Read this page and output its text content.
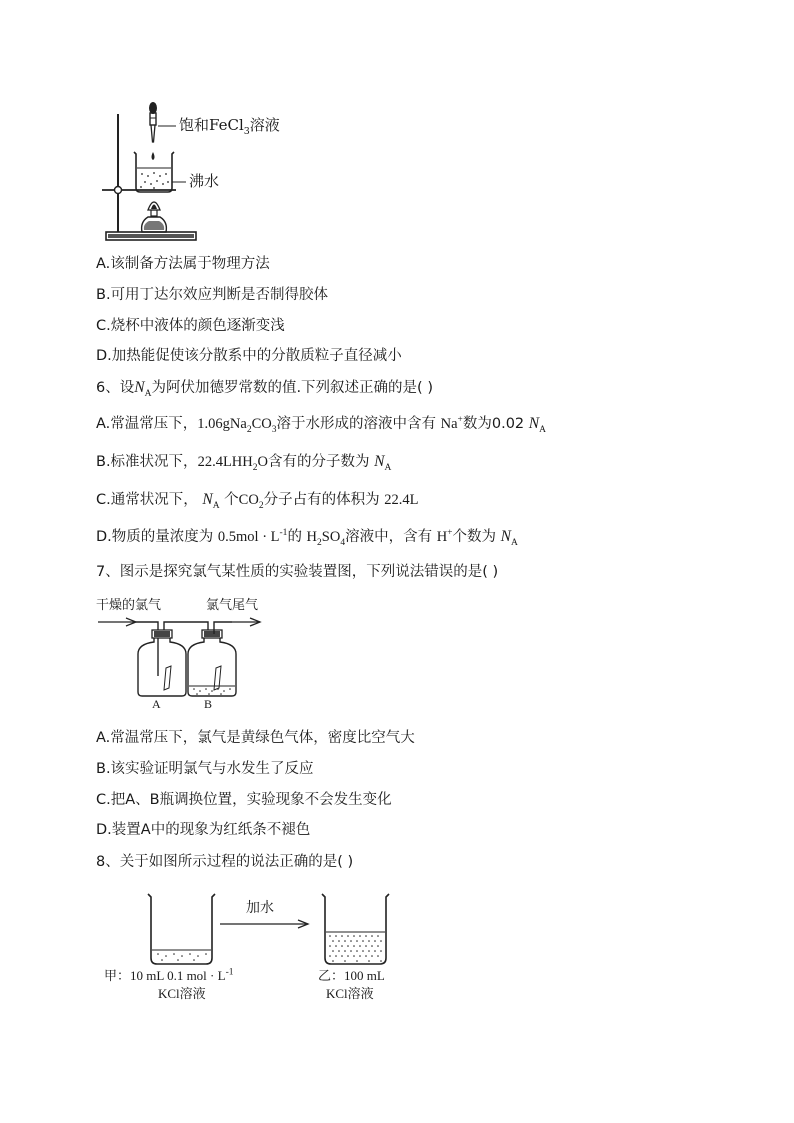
饱和FeCl$_3$溶液
沸水
A.该制备方法属于物理方法
B.可用丁达尔效应判断是否制得胶体
C.烧杯中液体的颜色逐渐变浅
D.加热能促使该分散系中的分散质粒子直径减小
6、设$N_A$为阿伏加德罗常数的值.下列叙述正确的是( )
A.常温常压下，$1.06gNa_2CO_3$溶于水形成的溶液中含有 Na+数为0.02 $N_A$
B.标准状况下，$22.4LHH_2O$含有的分子数为 $N_A$
C.通常状况下， $N_A$ 个$CO_2$分子占有的体积为 22.4L
D.物质的量浓度为 $0.5mol \cdot L^{-1}$的 $H_2SO_4$溶液中，含有 H+个数为 $N_A$
7、图示是探究氯气某性质的实验装置图，下列说法错误的是( )
干燥的氯气	氯气尾气
A	B
A.常温常压下，氯气是黄绿色气体，密度比空气大
B.该实验证明氯气与水发生了反应
C.把A、B瓶调换位置，实验现象不会发生变化
D.装置A中的现象为红纸条不褪色
8、关于如图所示过程的说法正确的是( )
加水
甲：10 mL 0.1 mol · $L^{-1}$
KCl溶液
乙：100 mL
KCl溶液
